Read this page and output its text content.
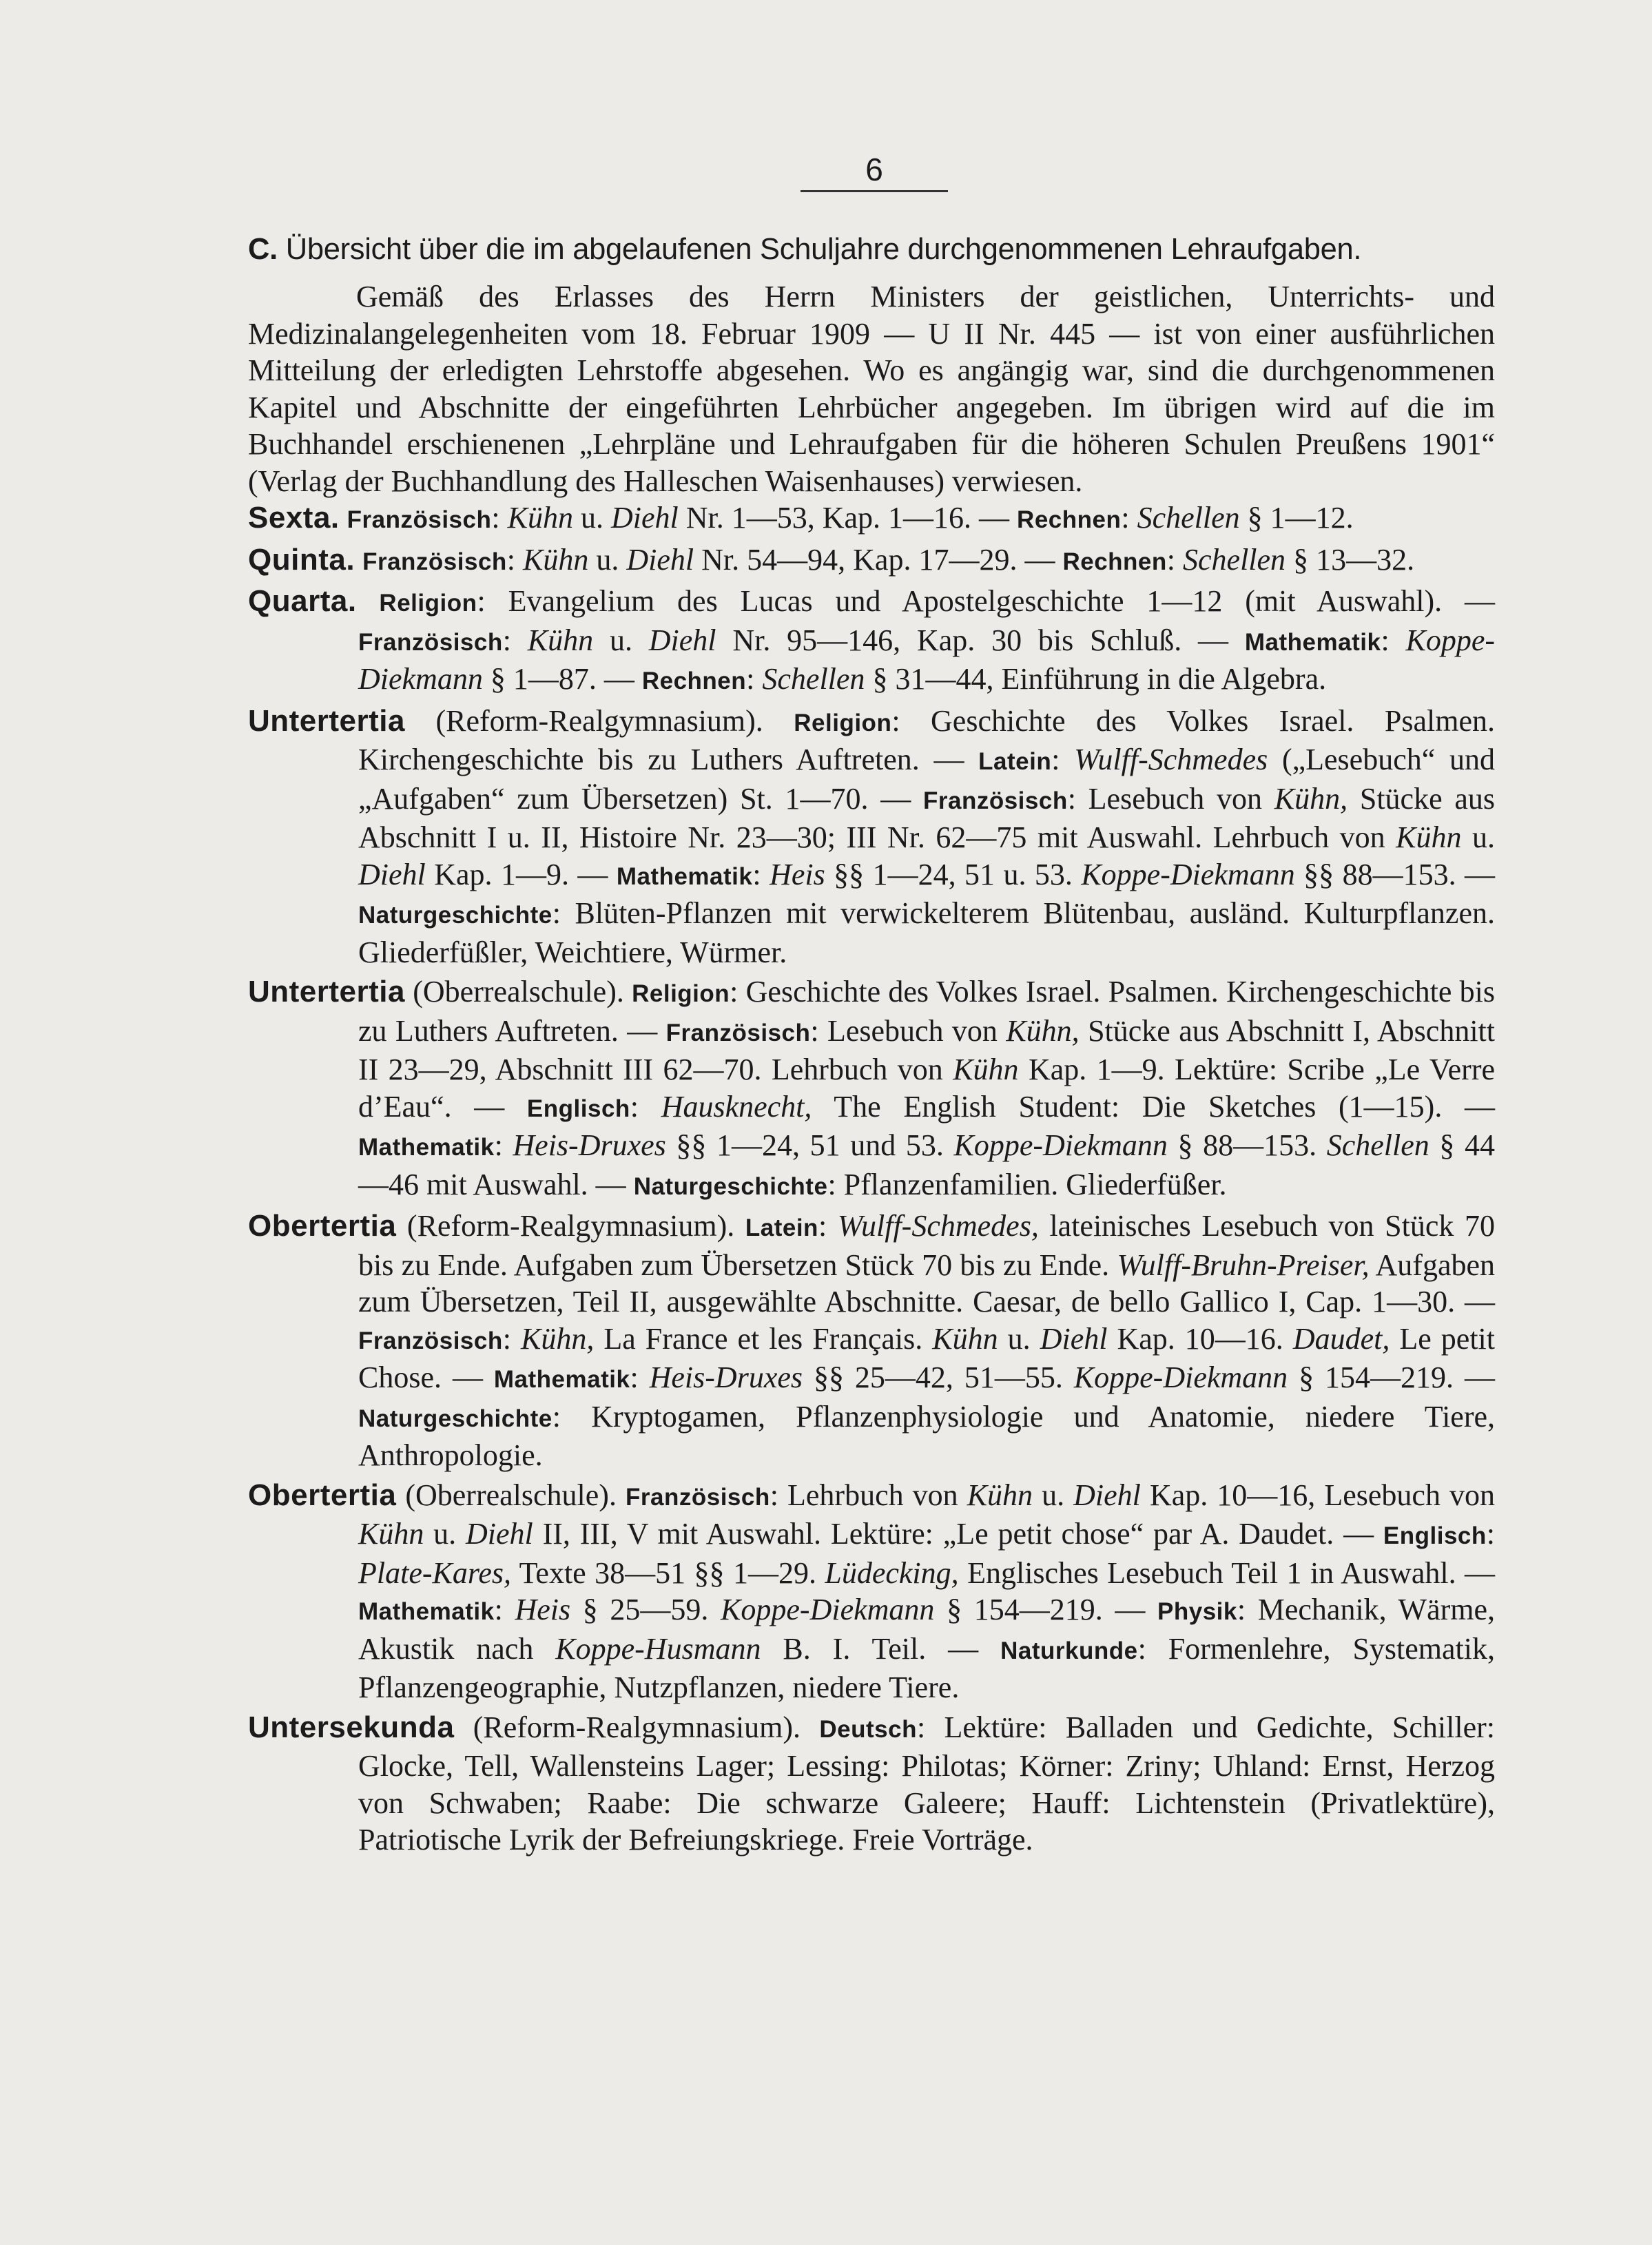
6
C. Übersicht über die im abgelaufenen Schuljahre durchgenommenen Lehraufgaben.

Gemäß des Erlasses des Herrn Ministers der geistlichen, Unterrichts- und Medizinalangelegenheiten vom 18. Februar 1909 — U II Nr. 445 — ist von einer ausführlichen Mitteilung der erledigten Lehrstoffe abgesehen. Wo es angängig war, sind die durchgenommenen Kapitel und Abschnitte der eingeführten Lehrbücher angegeben. Im übrigen wird auf die im Buchhandel erschienenen „Lehrpläne und Lehraufgaben für die höheren Schulen Preußens 1901“ (Verlag der Buchhandlung des Halleschen Waisenhauses) verwiesen.

Sexta. Französisch: Kühn u. Diehl Nr. 1—53, Kap. 1—16. — Rechnen: Schellen § 1—12.

Quinta. Französisch: Kühn u. Diehl Nr. 54—94, Kap. 17—29. — Rechnen: Schellen § 13—32.

Quarta. Religion: Evangelium des Lucas und Apostelgeschichte 1—12 (mit Auswahl). — Französisch: Kühn u. Diehl Nr. 95—146, Kap. 30 bis Schluß. — Mathematik: Koppe-Diekmann § 1—87. — Rechnen: Schellen § 31—44, Einführung in die Algebra.

Untertertia (Reform-Realgymnasium). Religion: Geschichte des Volkes Israel. Psalmen. Kirchengeschichte bis zu Luthers Auftreten. — Latein: Wulff-Schmedes („Lesebuch“ und „Aufgaben“ zum Übersetzen) St. 1—70. — Französisch: Lesebuch von Kühn, Stücke aus Abschnitt I u. II, Histoire Nr. 23—30; III Nr. 62—75 mit Auswahl. Lehrbuch von Kühn u. Diehl Kap. 1—9. — Mathematik: Heis §§ 1—24, 51 u. 53. Koppe-Diekmann §§ 88—153. — Naturgeschichte: Blüten-Pflanzen mit verwickelterem Blütenbau, ausländ. Kulturpflanzen. Gliederfüßler, Weichtiere, Würmer.

Untertertia (Oberrealschule). Religion: Geschichte des Volkes Israel. Psalmen. Kirchengeschichte bis zu Luthers Auftreten. — Französisch: Lesebuch von Kühn, Stücke aus Abschnitt I, Abschnitt II 23—29, Abschnitt III 62—70. Lehrbuch von Kühn Kap. 1—9. Lektüre: Scribe „Le Verre d’Eau“. — Englisch: Hausknecht, The English Student: Die Sketches (1—15). — Mathematik: Heis-Druxes §§ 1—24, 51 und 53. Koppe-Diekmann § 88—153. Schellen § 44—46 mit Auswahl. — Naturgeschichte: Pflanzenfamilien. Gliederfüßer.

Obertertia (Reform-Realgymnasium). Latein: Wulff-Schmedes, lateinisches Lesebuch von Stück 70 bis zu Ende. Aufgaben zum Übersetzen Stück 70 bis zu Ende. Wulff-Bruhn-Preiser, Aufgaben zum Übersetzen, Teil II, ausgewählte Abschnitte. Caesar, de bello Gallico I, Cap. 1—30. — Französisch: Kühn, La France et les Français. Kühn u. Diehl Kap. 10—16. Daudet, Le petit Chose. — Mathematik: Heis-Druxes §§ 25—42, 51—55. Koppe-Diekmann § 154—219. — Naturgeschichte: Kryptogamen, Pflanzenphysiologie und Anatomie, niedere Tiere, Anthropologie.

Obertertia (Oberrealschule). Französisch: Lehrbuch von Kühn u. Diehl Kap. 10—16, Lesebuch von Kühn u. Diehl II, III, V mit Auswahl. Lektüre: „Le petit chose“ par A. Daudet. — Englisch: Plate-Kares, Texte 38—51 §§ 1—29. Lüdecking, Englisches Lesebuch Teil 1 in Auswahl. — Mathematik: Heis § 25—59. Koppe-Diekmann § 154—219. — Physik: Mechanik, Wärme, Akustik nach Koppe-Husmann B. I. Teil. — Naturkunde: Formenlehre, Systematik, Pflanzengeographie, Nutzpflanzen, niedere Tiere.

Untersekunda (Reform-Realgymnasium). Deutsch: Lektüre: Balladen und Gedichte, Schiller: Glocke, Tell, Wallensteins Lager; Lessing: Philotas; Körner: Zriny; Uhland: Ernst, Herzog von Schwaben; Raabe: Die schwarze Galeere; Hauff: Lichtenstein (Privatlektüre), Patriotische Lyrik der Befreiungskriege. Freie Vorträge.
